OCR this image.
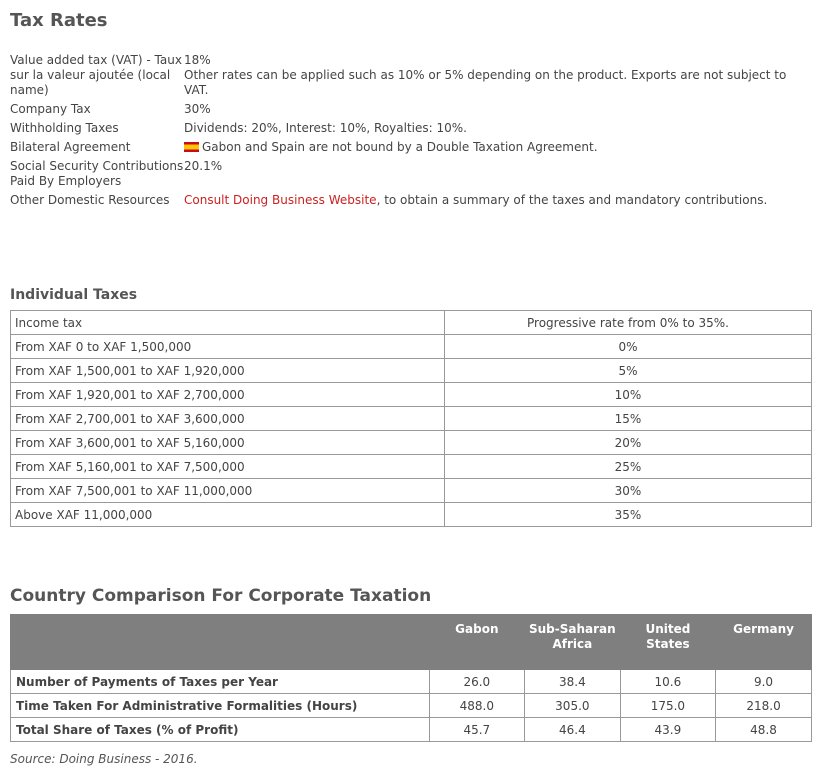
Tax Rates
Value added tax (VAT) - Taux sur la valeur ajoutée (local name)	18%
Other rates can be applied such as 10% or 5% depending on the product. Exports are not subject to VAT.

Company Tax	30%
Withholding Taxes	Dividends: 20%, Interest: 10%, Royalties: 10%.
Bilateral Agreement	Gabon and Spain are not bound by a Double Taxation Agreement.
Social Security Contributions Paid By Employers	20.1%
Other Domestic Resources	Consult Doing Business Website, to obtain a summary of the taxes and mandatory contributions.
Individual Taxes
Income tax	Progressive rate from 0% to 35%.
From XAF 0 to XAF 1,500,000	0%
From XAF 1,500,001 to XAF 1,920,000	5%
From XAF 1,920,001 to XAF 2,700,000	10%
From XAF 2,700,001 to XAF 3,600,000	15%
From XAF 3,600,001 to XAF 5,160,000	20%
From XAF 5,160,001 to XAF 7,500,000	25%
From XAF 7,500,001 to XAF 11,000,000	30%
Above XAF 11,000,000	35%
Country Comparison For Corporate Taxation
	Gabon	Sub-Saharan Africa	United States	Germany
Number of Payments of Taxes per Year	26.0	38.4	10.6	9.0
Time Taken For Administrative Formalities (Hours)	488.0	305.0	175.0	218.0
Total Share of Taxes (% of Profit)	45.7	46.4	43.9	48.8
Source: Doing Business - 2016.
